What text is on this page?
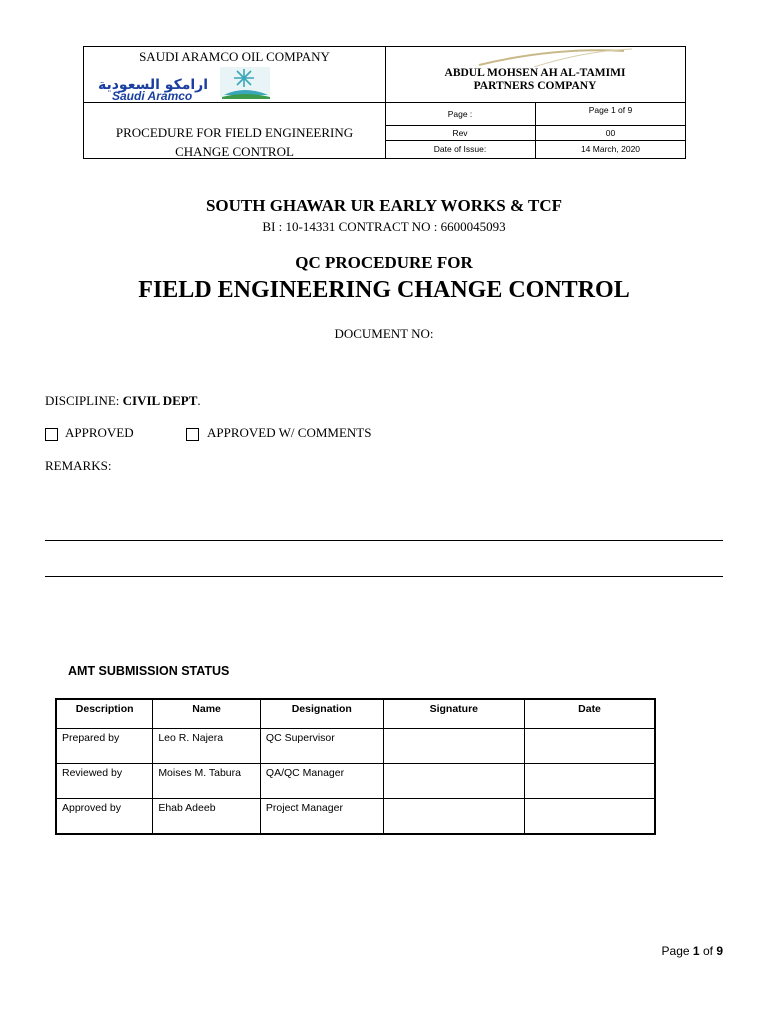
SAUDI ARAMCO OIL COMPANY
ارامكو السعودية
Saudi Aramco
PROCEDURE FOR FIELD ENGINEERING
CHANGE CONTROL
ABDUL MOHSEN AH AL-TAMIMI
PARTNERS COMPANY
Page :	Page 1 of 9
Rev	00
Date of Issue:	14 March, 2020
SOUTH GHAWAR UR EARLY WORKS & TCF
BI : 10-14331 CONTRACT NO : 6600045093
QC PROCEDURE FOR
FIELD ENGINEERING CHANGE CONTROL
DOCUMENT NO:
DISCIPLINE: CIVIL DEPT.
APPROVED	APPROVED W/ COMMENTS
REMARKS:
AMT SUBMISSION STATUS
Description	Name	Designation	Signature	Date
Prepared by	Leo R. Najera	QC Supervisor		
Reviewed by	Moises M. Tabura	QA/QC Manager		
Approved by	Ehab Adeeb	Project Manager		
Page 1 of 9
